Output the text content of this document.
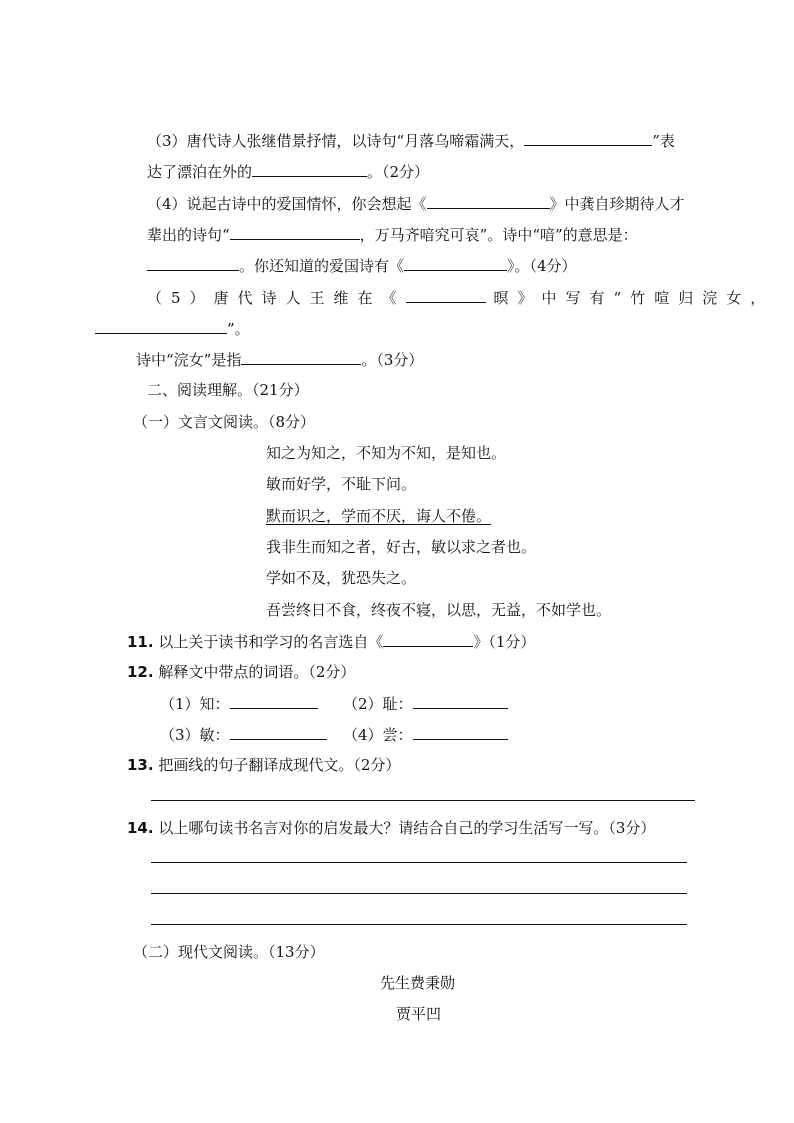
（3）唐代诗人张继借景抒情，以诗句“月落乌啼霜满天，	”表
达了漂泊在外的	。（2分）
（4）说起古诗中的爱国情怀，你会想起《	》中龚自珍期待人才
辈出的诗句“	，万马齐喑究可哀”。诗中“喑”的意思是：
。你还知道的爱国诗有《	》。（4分）
（5）唐代诗人王维在《	暝》中写有“竹喧归浣女，
”。
诗中“浣女”是指	。（3分）
二、阅读理解。（21分）
（一）文言文阅读。（8分）
知之为知之，不知为不知，是知也。
敏而好学，不耻下问。
默而识之，学而不厌，诲人不倦。
我非生而知之者，好古，敏以求之者也。
学如不及，犹恐失之。
吾尝终日不食，终夜不寝，以思，无益，不如学也。
11. 以上关于读书和学习的名言选自《	》（1分）
12. 解释文中带点的词语。（2分）
（1）知：	（2）耻：
（3）敏：	（4）尝：
13. 把画线的句子翻译成现代文。（2分）
14. 以上哪句读书名言对你的启发最大？请结合自己的学习生活写一写。（3分）
（二）现代文阅读。（13分）
先生费秉勋
贾平凹
